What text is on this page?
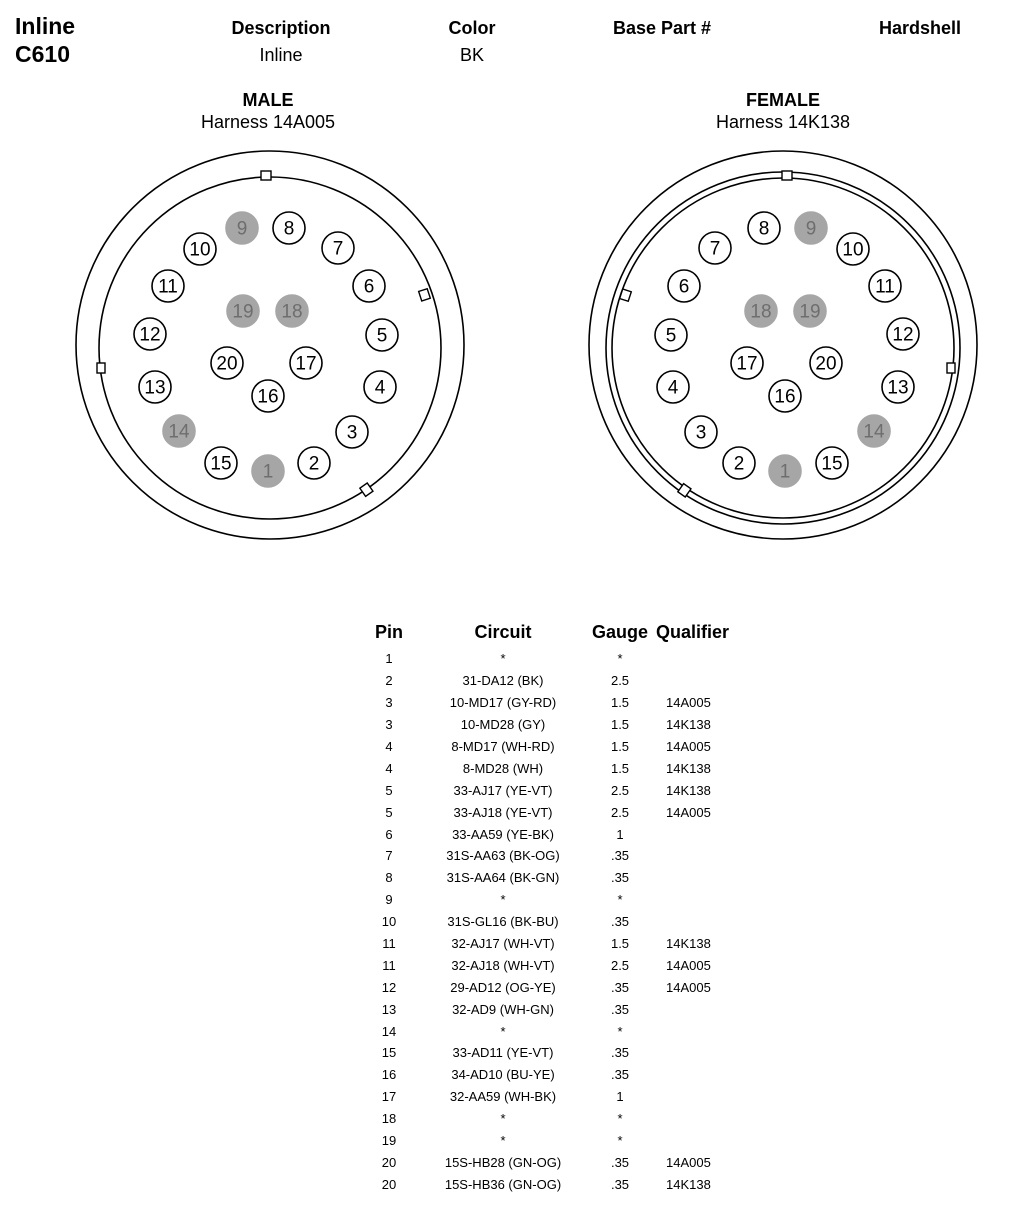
Inline
C610
Description
Inline
Color
BK
Base Part #	Hardshell
MALE
Harness 14A005
1 2
3
4
5
6
7
8
9
10
11
12
13
14
15
16
17
18
19
20
FEMALE
Harness 14K138
1
2
3
4
5
6
7
8 9
10
11
12
13
14
15
16
17
18 19
20
Pin	Circuit	Gauge	Qualifier
1	*	*	
2	31-DA12 (BK)	2.5	
3	10-MD17 (GY-RD)	1.5	14A005
3	10-MD28 (GY)	1.5	14K138
4	8-MD17 (WH-RD)	1.5	14A005
4	8-MD28 (WH)	1.5	14K138
5	33-AJ17 (YE-VT)	2.5	14K138
5	33-AJ18 (YE-VT)	2.5	14A005
6	33-AA59 (YE-BK)	1	
7	31S-AA63 (BK-OG)	.35	
8	31S-AA64 (BK-GN)	.35	
9	*	*	
10	31S-GL16 (BK-BU)	.35	
11	32-AJ17 (WH-VT)	1.5	14K138
11	32-AJ18 (WH-VT)	2.5	14A005
12	29-AD12 (OG-YE)	.35	14A005
13	32-AD9 (WH-GN)	.35	
14	*	*	
15	33-AD11 (YE-VT)	.35	
16	34-AD10 (BU-YE)	.35	
17	32-AA59 (WH-BK)	1	
18	*	*	
19	*	*	
20	15S-HB28 (GN-OG)	.35	14A005
20	15S-HB36 (GN-OG)	.35	14K138
